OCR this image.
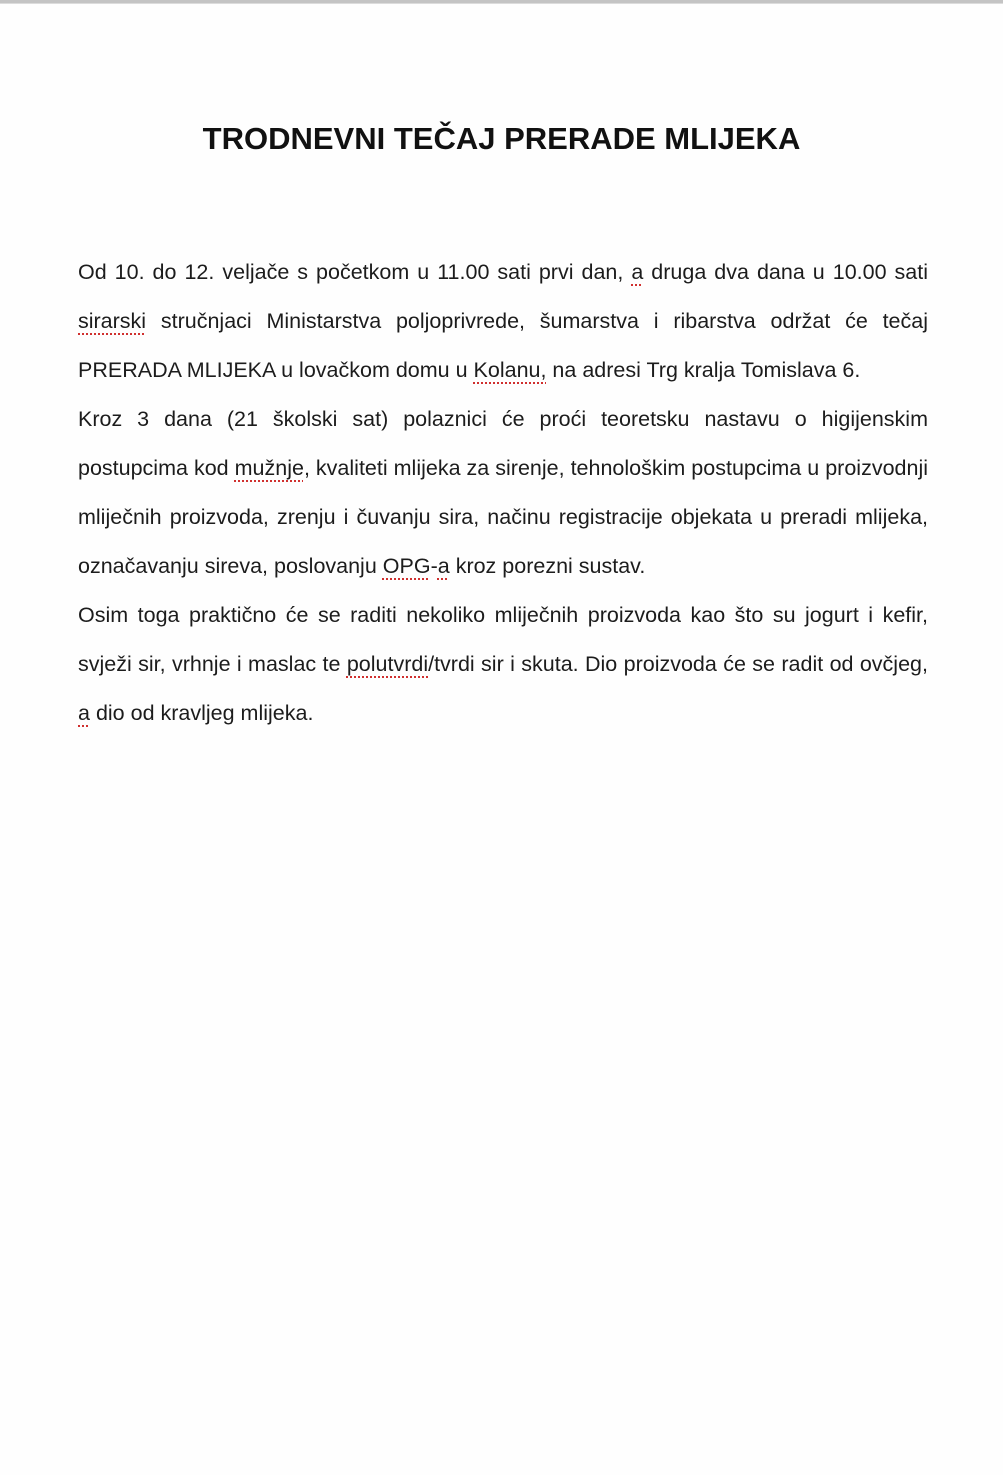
TRODNEVNI TEČAJ PRERADE MLIJEKA

Od 10. do 12. veljače s početkom u 11.00 sati prvi dan, a druga dva dana u 10.00 sati sirarski stručnjaci Ministarstva poljoprivrede, šumarstva i ribarstva održat će tečaj PRERADA MLIJEKA u lovačkom domu u Kolanu, na adresi Trg kralja Tomislava 6.

Kroz 3 dana (21 školski sat) polaznici će proći teoretsku nastavu o higijenskim postupcima kod mužnje, kvaliteti mlijeka za sirenje, tehnološkim postupcima u proizvodnji mliječnih proizvoda, zrenju i čuvanju sira, načinu registracije objekata u preradi mlijeka, označavanju sireva, poslovanju OPG-a kroz porezni sustav.

Osim toga praktično će se raditi nekoliko mliječnih proizvoda kao što su jogurt i kefir, svježi sir, vrhnje i maslac te polutvrdi/tvrdi sir i skuta. Dio proizvoda će se radit od ovčjeg, a dio od kravljeg mlijeka.
